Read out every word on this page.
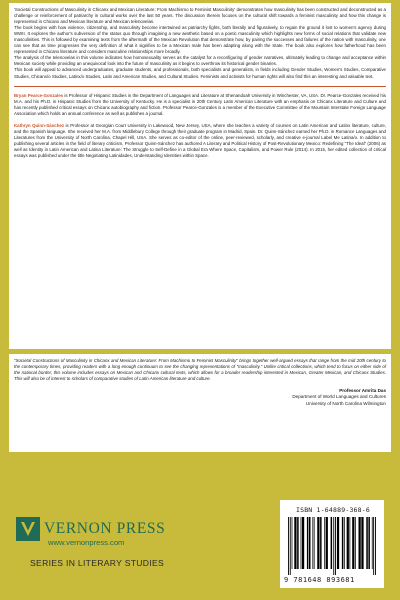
'Societal Constructions of Masculinity in Chicanx and Mexican Literature: From Machismo to Feminist Masculinity' demonstrates how masculinity has been constructed and deconstructed as a challenge or reinforcement of patriarchy in cultural works over the last 50 years. The discussion therein focuses on the cultural shift towards a feminist masculinity and how this change is represented in Chicanx and Mexican literature and Mexican telenovelas.

The book begins with how violence, citizenship, and masculinity become intertwined as patriarchy fights, both literally and figuratively, to regain the ground it lost to women's agency during WWII. It explores the author's subversion of the status quo through imagining a new aesthetic based on a poetic masculinity which highlights new forms of social relations that validate new masculinities. This is followed by examining texts from the aftermath of the Mexican Revolution that demonstrate how, by pairing the successes and failures of the nation with masculinity, one can see that as time progresses the very definition of what it signifies to be a Mexican male has been adapting along with the State. The book also explores how fatherhood has been represented in Chicanx literature and considers masculine relationships more broadly.

The analysis of the telenovelas in this volume indicates how homosexuality serves as the catalyst for a reconfiguring of gender narratives, ultimately leading to change and acceptance within Mexican society while providing an unequivocal look into the future of masculinity as it begins to overthrow its historical gender binaries.

This book will appeal to advanced undergraduates, graduate students, and professionals, both specialists and generalists, in fields including Gender Studies, Women's Studies, Comparative Studies, Chicanx/o Studies, Latinx/o Studies, Latin and American Studies, and Cultural Studies. Feminists and activists for human rights will also find this an interesting and valuable text.

Bryan Pearce-Gonzales is Professor of Hispanic Studies in the Department of Languages and Literature at Shenandoah University in Winchester, VA, USA. Dr. Pearce-Gonzales received his M.A. and his Ph.D. in Hispanic Studies from the University of Kentucky. He is a specialist in 20th Century Latin American Literature with an emphasis on Chicanx Literature and Culture and has recently published critical essays on Chicanx autobiography and fiction. Professor Pearce-Gonzales is a member of the Executive Committee of the Mountain Interstate Foreign Language Association which holds an annual conference as well as publishes a journal.

Kathryn Quinn-Sánchez is Professor at Georgian Court University in Lakewood, New Jersey, USA, where she teaches a variety of courses on Latin American and Latinx literature, culture, and the Spanish language. She received her M.A. from Middlebury College through their graduate program in Madrid, Spain. Dr. Quinn-Sánchez earned her Ph.D. in Romance Languages and Literatures from the University of North Carolina, Chapel Hill, USA. She serves as co-editor of the online, peer-reviewed, scholarly, and creative e-journal Label Me Latina/o. In addition to publishing several articles in the field of literary criticism, Professor Quinn-Sánchez has authored A Literary and Political History of Post-Revolutionary Mexico: Redefining "The Ideal" (2006) as well as Identity in Latin American and Latina Literature: The Struggle to Self-Define in a Global Era Where Space, Capitalism, and Power Rule (2014). In 2015, her edited collection of critical essays was published under the title Negotiating Latinidades, Understanding Identities within Space.

"Societal Constructions of Masculinity in Chicanx and Mexican Literature: From Machismo to Feminist Masculinity" brings together well-argued essays that range from the mid 20th century to the contemporary times, providing readers with a long enough continuum to see the changing representations of "masculinity." Unlike critical collections, which tend to focus on either side of the national border, this volume includes essays on Mexican and Chicanx cultural texts, which allows for a broader readership interested in Mexican, Greater Mexican, and Chicanx Studies. This will also be of interest to scholars of comparative studies of Latin American literature and culture.

Professor Amrita Das
Department of World Languages and Cultures
University of North Carolina Wilmington
VERNON PRESS
www.vernonpress.com
SERIES IN LITERARY STUDIES
ISBN 1-64889-368-6
9 781648 893681
